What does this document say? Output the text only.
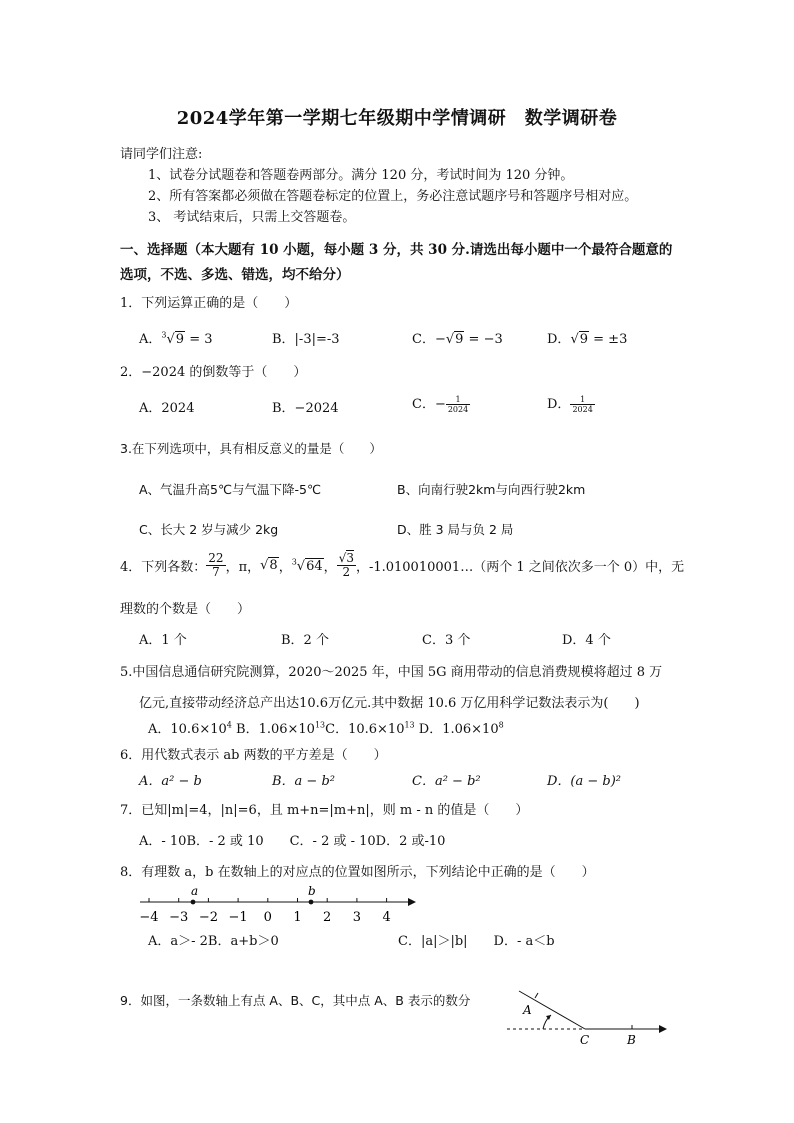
2024学年第一学期七年级期中学情调研　数学调研卷
请同学们注意:
1、试卷分试题卷和答题卷两部分。满分 120 分，考试时间为 120 分钟。
2、所有答案都必须做在答题卷标定的位置上，务必注意试题序号和答题序号相对应。
3、 考试结束后，只需上交答题卷。
一、选择题（本大题有 10 小题，每小题 3 分，共 30 分.请选出每小题中一个最符合题意的
选项，不选、多选、错选，均不给分）
1．下列运算正确的是（　　）
A．$^3$√9 = 3	B．|-3|=-3	C．−√9 = −3	D．√9 = ±3
2．−2024 的倒数等于（　　）
A．2024	B．−2024	C．− $\frac{1}{2024}$	D． $\frac{1}{2024}$
3.在下列选项中，具有相反意义的量是（　　）
A、气温升高5℃与气温下降-5℃	B、向南行驶2km与向西行驶2km
C、长大 2 岁与减少 2kg	D、胜 3 局与负 2 局
4．下列各数： $\frac{22}{7}$ ，π，√8，$^3$√64， $\frac{√3}{2}$ ，-1.010010001…（两个 1 之间依次多一个 0）中，无
理数的个数是（　　）
A．1 个	B．2 个	C．3 个	D．4 个
5.中国信息通信研究院测算，2020～2025 年，中国 5G 商用带动的信息消费规模将超过 8 万
亿元,直接带动经济总产出达10.6万亿元.其中数据 10.6 万亿用科学记数法表示为(　　)
A．$10.6\times 10^4$ B．$1.06\times 10^{13}C$．$10.6\times 10^{13}$ D．$1.06\times 10^8$
6．用代数式表示 ab 两数的平方差是（　　）
A．a² − b	B．a − b²	C．a² − b²	D．(a − b)²
7．已知|m|=4，|n|=6，且 m+n=|m+n|，则 m - n 的值是（　　）
A．- 10B．- 2 或 10　　C．- 2 或 - 10D．2 或-10
8．有理数 a，b 在数轴上的对应点的位置如图所示，下列结论中正确的是（　　）
−4 −3 −2 −1 0 1 2 3 4
a	b
A．a＞- 2B．a+b＞0	C．|a|＞|b|　　D．- a＜b
9．如图，一条数轴上有点 A、B、C，其中点 A、B 表示的数分
A
C	B
